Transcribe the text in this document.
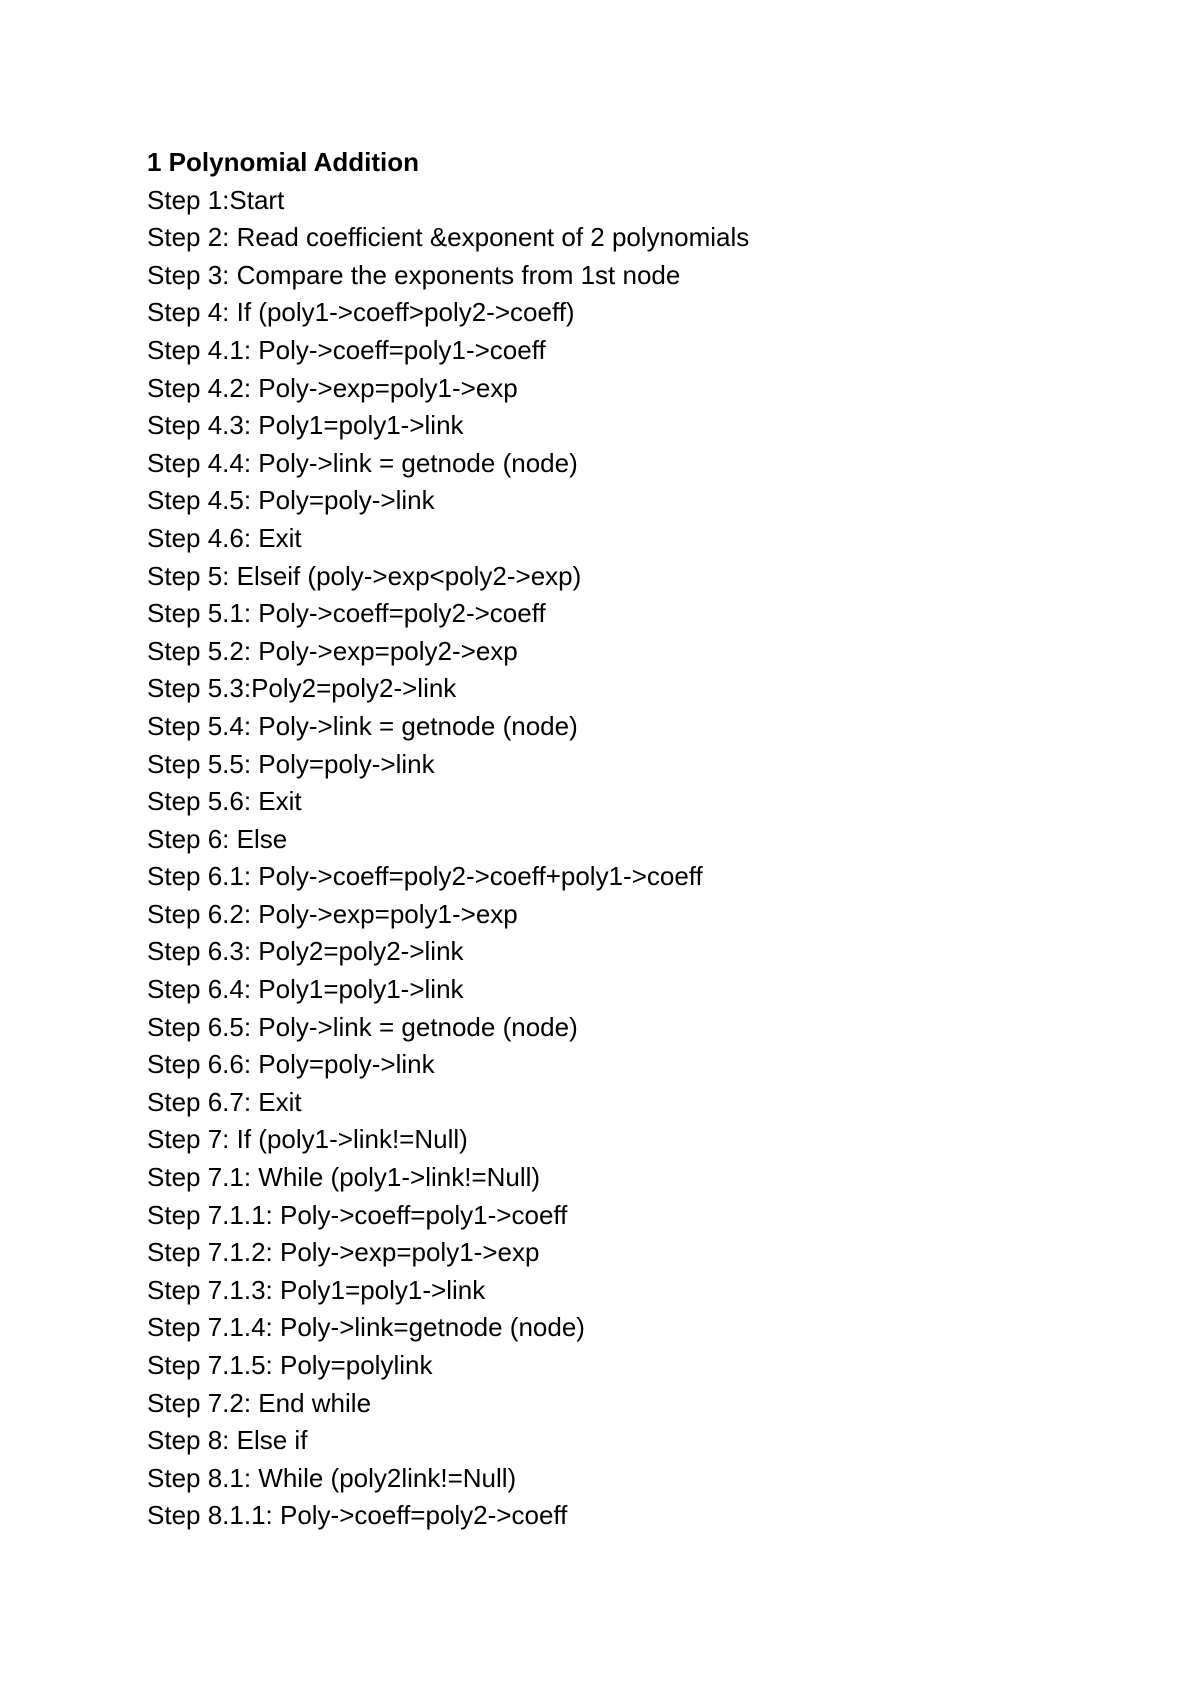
1 Polynomial Addition
Step 1:Start
Step 2: Read coefficient &exponent of 2 polynomials
Step 3: Compare the exponents from 1st node
Step 4: If (poly1->coeff>poly2->coeff)
Step 4.1: Poly->coeff=poly1->coeff
Step 4.2: Poly->exp=poly1->exp
Step 4.3: Poly1=poly1->link
Step 4.4: Poly->link = getnode (node)
Step 4.5: Poly=poly->link
Step 4.6: Exit
Step 5: Elseif (poly->exp<poly2->exp)
Step 5.1: Poly->coeff=poly2->coeff
Step 5.2: Poly->exp=poly2->exp
Step 5.3:Poly2=poly2->link
Step 5.4: Poly->link = getnode (node)
Step 5.5: Poly=poly->link
Step 5.6: Exit
Step 6: Else
Step 6.1: Poly->coeff=poly2->coeff+poly1->coeff
Step 6.2: Poly->exp=poly1->exp
Step 6.3: Poly2=poly2->link
Step 6.4: Poly1=poly1->link
Step 6.5: Poly->link = getnode (node)
Step 6.6: Poly=poly->link
Step 6.7: Exit
Step 7: If (poly1->link!=Null)
Step 7.1: While (poly1->link!=Null)
Step 7.1.1: Poly->coeff=poly1->coeff
Step 7.1.2: Poly->exp=poly1->exp
Step 7.1.3: Poly1=poly1->link
Step 7.1.4: Poly->link=getnode (node)
Step 7.1.5: Poly=polylink
Step 7.2: End while
Step 8: Else if
Step 8.1: While (poly2link!=Null)
Step 8.1.1: Poly->coeff=poly2->coeff
